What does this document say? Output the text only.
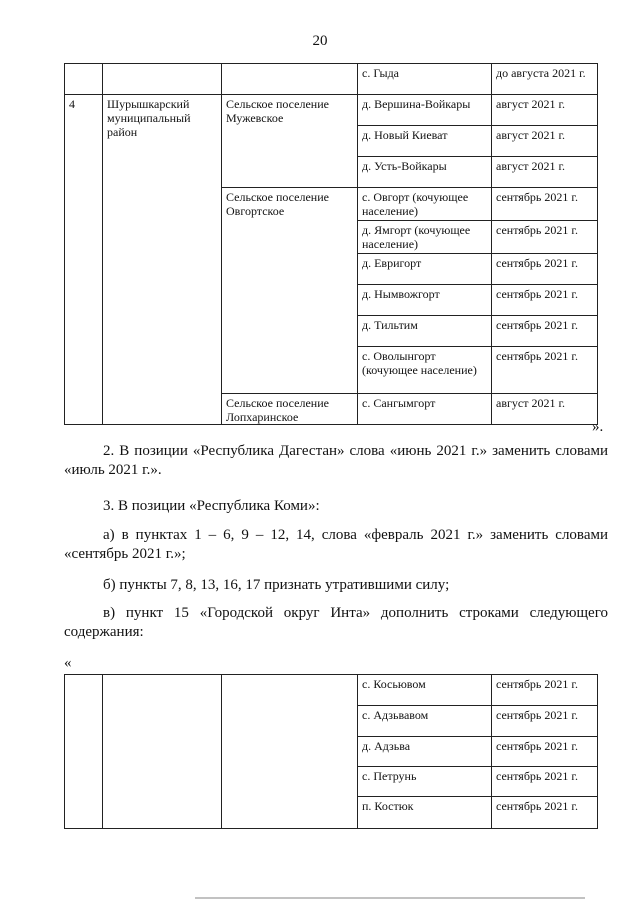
20
			с. Гыда	до августа 2021 г.
4	Шурышкарский муниципальный район	Сельское поселение Мужевское	д. Вершина-Войкары	август 2021 г.
			д. Новый Киеват	август 2021 г.
			д. Усть-Войкары	август 2021 г.
		Сельское поселение Овгортское	с. Овгорт (кочующее население)	сентябрь 2021 г.
			д. Ямгорт (кочующее население)	сентябрь 2021 г.
			д. Евригорт	сентябрь 2021 г.
			д. Нымвожгорт	сентябрь 2021 г.
			д. Тильтим	сентябрь 2021 г.
			с. Оволынгорт (кочующее население)	сентябрь 2021 г.
		Сельское поселение Лопхаринское	с. Сангымгорт	август 2021 г.
».
2. В позиции «Республика Дагестан» слова «июнь 2021 г.» заменить словами «июль 2021 г.».
3. В позиции «Республика Коми»:
а) в пунктах 1 – 6, 9 – 12, 14, слова «февраль 2021 г.» заменить словами «сентябрь 2021 г.»;
б) пункты 7, 8, 13, 16, 17 признать утратившими силу;
в) пункт 15 «Городской округ Инта» дополнить строками следующего содержания:
«
			с. Косьювом	сентябрь 2021 г.
			с. Адзьвавом	сентябрь 2021 г.
			д. Адзьва	сентябрь 2021 г.
			с. Петрунь	сентябрь 2021 г.
			п. Костюк	сентябрь 2021 г.
